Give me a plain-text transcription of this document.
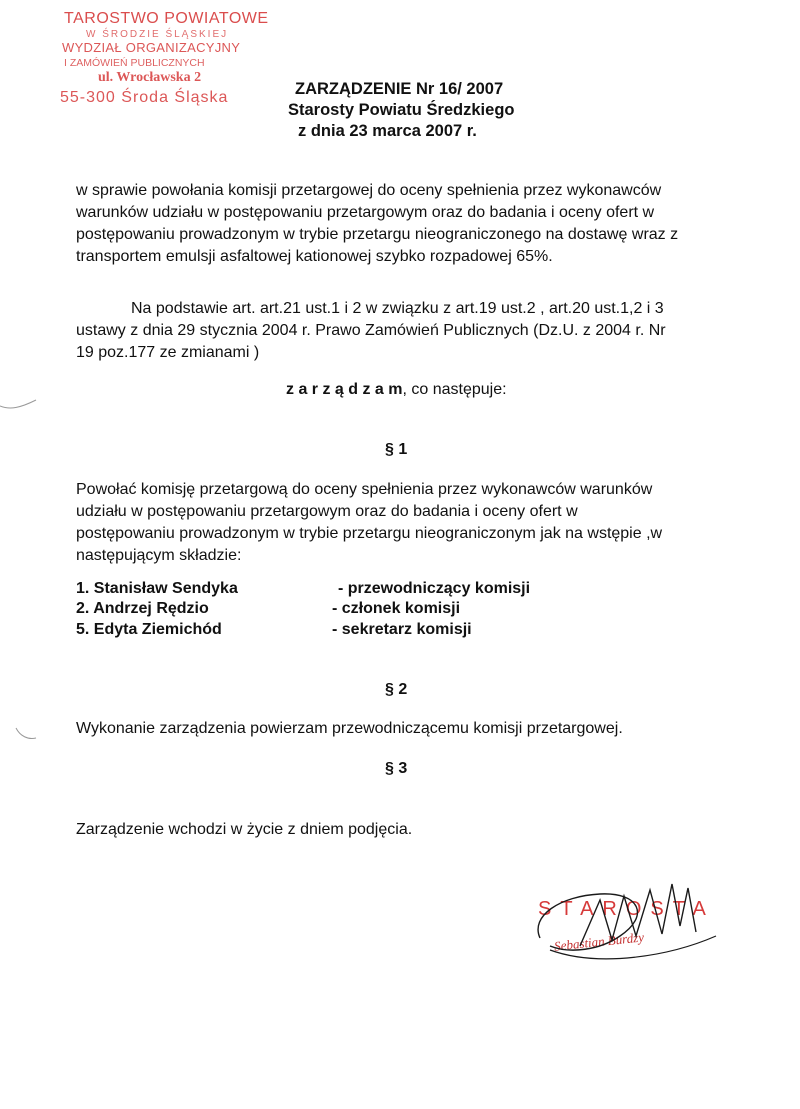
TAROSTWO POWIATOWE
W ŚRODZIE ŚLĄSKIEJ
WYDZIAŁ ORGANIZACYJNY
I ZAMÓWIEŃ PUBLICZNYCH
ul. Wrocławska 2
55-300 Środa Śląska	ZARZĄDZENIE Nr 16/ 2007
Starosty Powiatu Średzkiego
z dnia 23 marca 2007 r.
w sprawie powołania komisji przetargowej do oceny spełnienia przez wykonawców
warunków udziału w postępowaniu przetargowym oraz do badania i oceny ofert w
postępowaniu prowadzonym w trybie przetargu nieograniczonego na dostawę wraz z
transportem emulsji asfaltowej kationowej szybko rozpadowej 65%.
Na podstawie art. art.21 ust.1 i 2 w związku z art.19 ust.2 , art.20 ust.1,2 i 3
ustawy z dnia 29 stycznia 2004 r. Prawo Zamówień Publicznych (Dz.U. z 2004 r. Nr
19 poz.177 ze zmianami )
z a r z ą d z a m, co następuje:
§ 1
Powołać komisję przetargową do oceny spełnienia przez wykonawców warunków
udziału w postępowaniu przetargowym oraz do badania i oceny ofert w
postępowaniu prowadzonym w trybie przetargu nieograniczonym jak na wstępie ,w
następującym składzie:
1. Stanisław Sendyka	- przewodniczący komisji
2. Andrzej Rędzio	- członek komisji
5. Edyta Ziemichód	- sekretarz komisji
§ 2
Wykonanie zarządzenia powierzam przewodniczącemu komisji przetargowej.
§ 3
Zarządzenie wchodzi w życie z dniem podjęcia.
STAROSTA
Sebastian Burdzy
